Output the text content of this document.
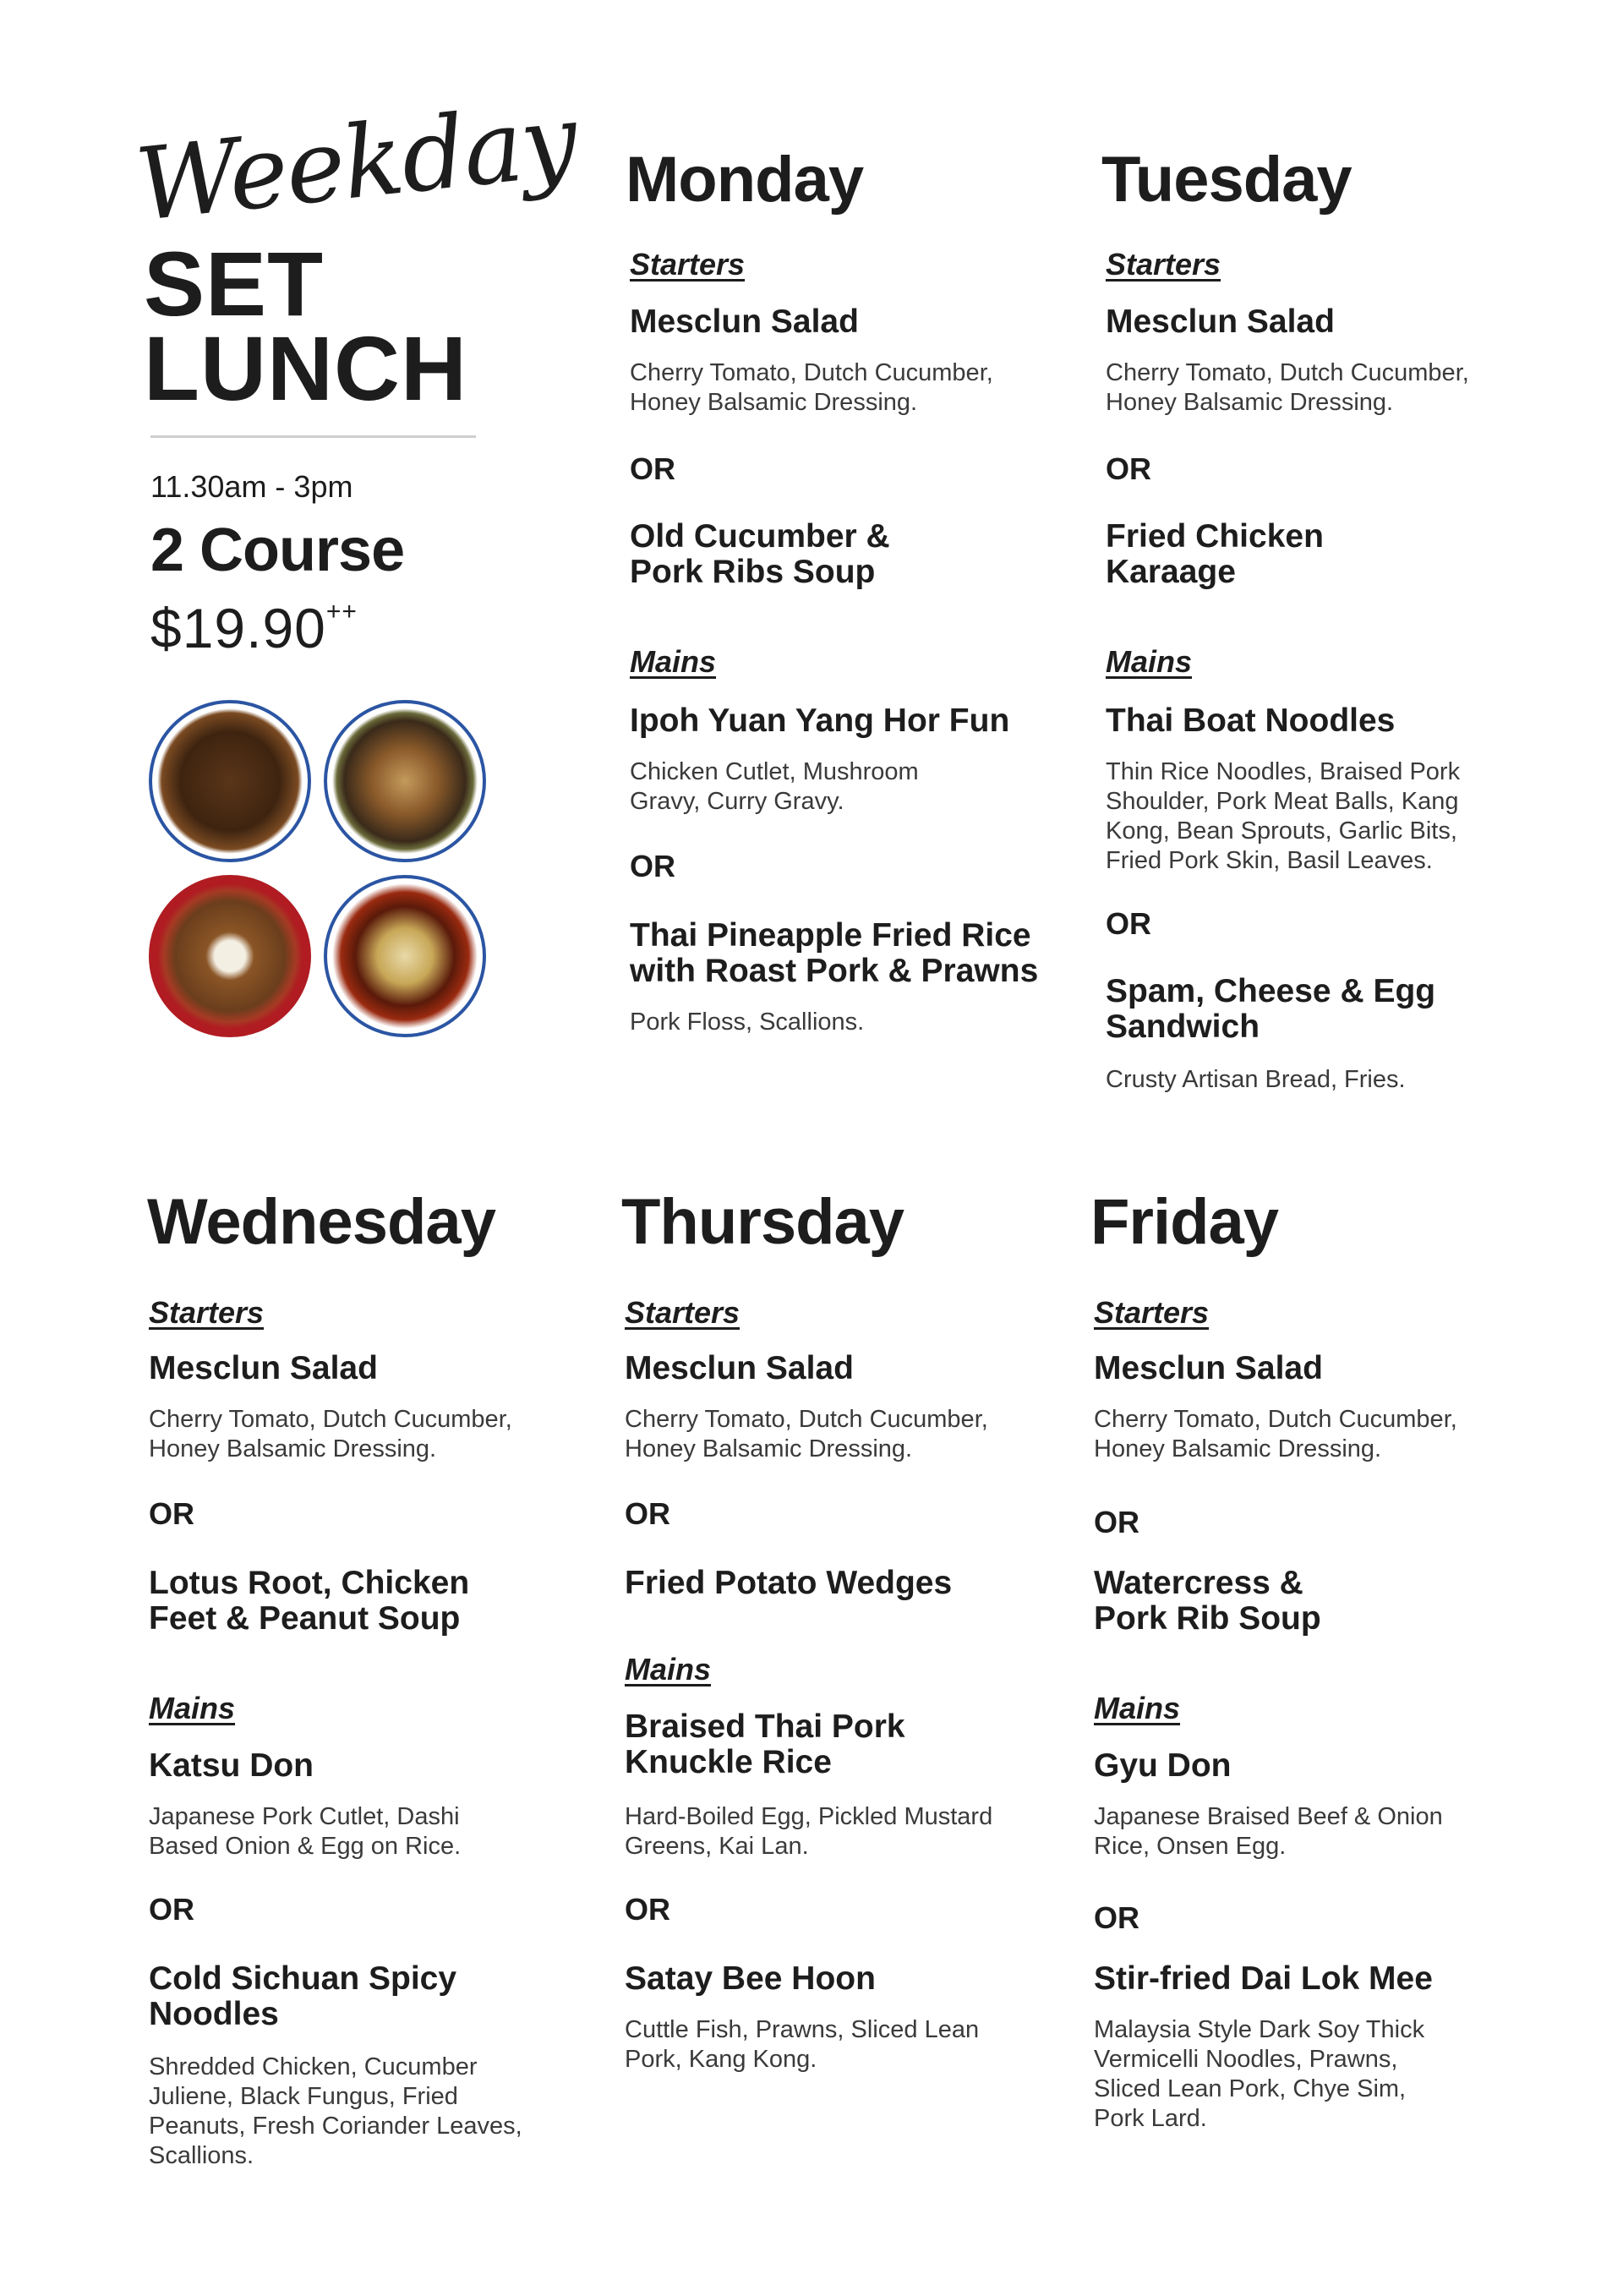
Weekday
SET
LUNCH
11.30am - 3pm
2 Course
$19.90++
Monday
Starters
Mesclun Salad
Cherry Tomato, Dutch Cucumber,
Honey Balsamic Dressing.
OR
Old Cucumber &
Pork Ribs Soup
Mains
Ipoh Yuan Yang Hor Fun
Chicken Cutlet, Mushroom
Gravy, Curry Gravy.
OR
Thai Pineapple Fried Rice
with Roast Pork & Prawns
Pork Floss, Scallions.
Tuesday
Starters
Mesclun Salad
Cherry Tomato, Dutch Cucumber,
Honey Balsamic Dressing.
OR
Fried Chicken
Karaage
Mains
Thai Boat Noodles
Thin Rice Noodles, Braised Pork
Shoulder, Pork Meat Balls, Kang
Kong, Bean Sprouts, Garlic Bits,
Fried Pork Skin, Basil Leaves.
OR
Spam, Cheese & Egg
Sandwich
Crusty Artisan Bread, Fries.
Wednesday
Starters
Mesclun Salad
Cherry Tomato, Dutch Cucumber,
Honey Balsamic Dressing.
OR
Lotus Root, Chicken
Feet & Peanut Soup
Mains
Katsu Don
Japanese Pork Cutlet, Dashi
Based Onion & Egg on Rice.
OR
Cold Sichuan Spicy
Noodles
Shredded Chicken, Cucumber
Juliene, Black Fungus, Fried
Peanuts, Fresh Coriander Leaves,
Scallions.
Thursday
Starters
Mesclun Salad
Cherry Tomato, Dutch Cucumber,
Honey Balsamic Dressing.
OR
Fried Potato Wedges
Mains
Braised Thai Pork
Knuckle Rice
Hard-Boiled Egg, Pickled Mustard
Greens, Kai Lan.
OR
Satay Bee Hoon
Cuttle Fish, Prawns, Sliced Lean
Pork, Kang Kong.
Friday
Starters
Mesclun Salad
Cherry Tomato, Dutch Cucumber,
Honey Balsamic Dressing.
OR
Watercress &
Pork Rib Soup
Mains
Gyu Don
Japanese Braised Beef & Onion
Rice, Onsen Egg.
OR
Stir-fried Dai Lok Mee
Malaysia Style Dark Soy Thick
Vermicelli Noodles, Prawns,
Sliced Lean Pork, Chye Sim,
Pork Lard.
